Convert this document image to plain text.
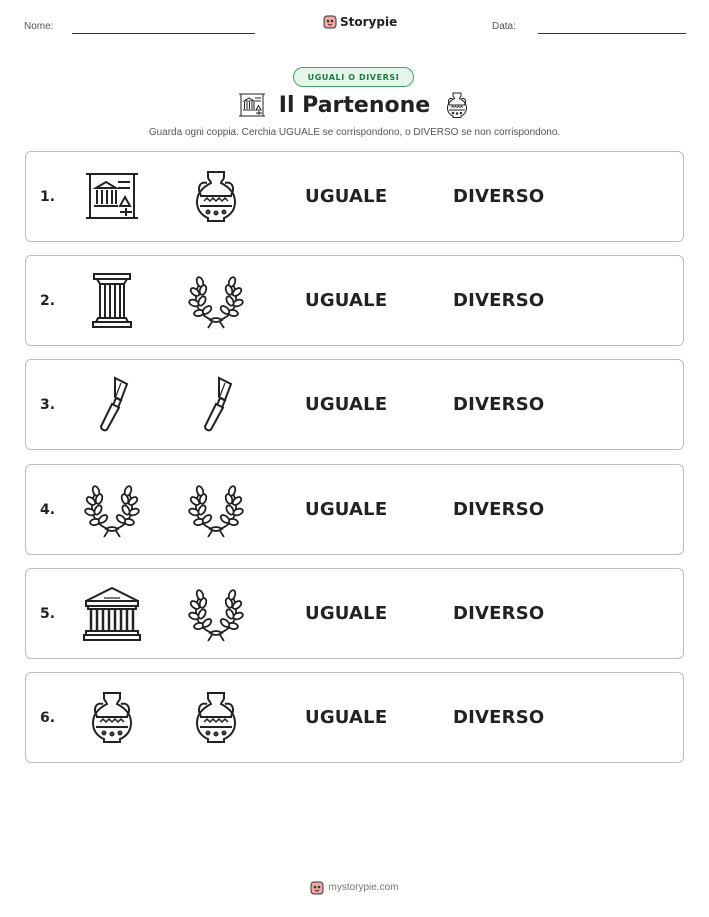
Nome:	Storypie	Data:
UGUALI O DIVERSI
Il Partenone
Guarda ogni coppia. Cerchia UGUALE se corrispondono, o DIVERSO se non corrispondono.
1.	UGUALE	DIVERSO
2.	UGUALE	DIVERSO
3.	UGUALE	DIVERSO
4.	UGUALE	DIVERSO
5.	UGUALE	DIVERSO
6.	UGUALE	DIVERSO
mystorypie.com
